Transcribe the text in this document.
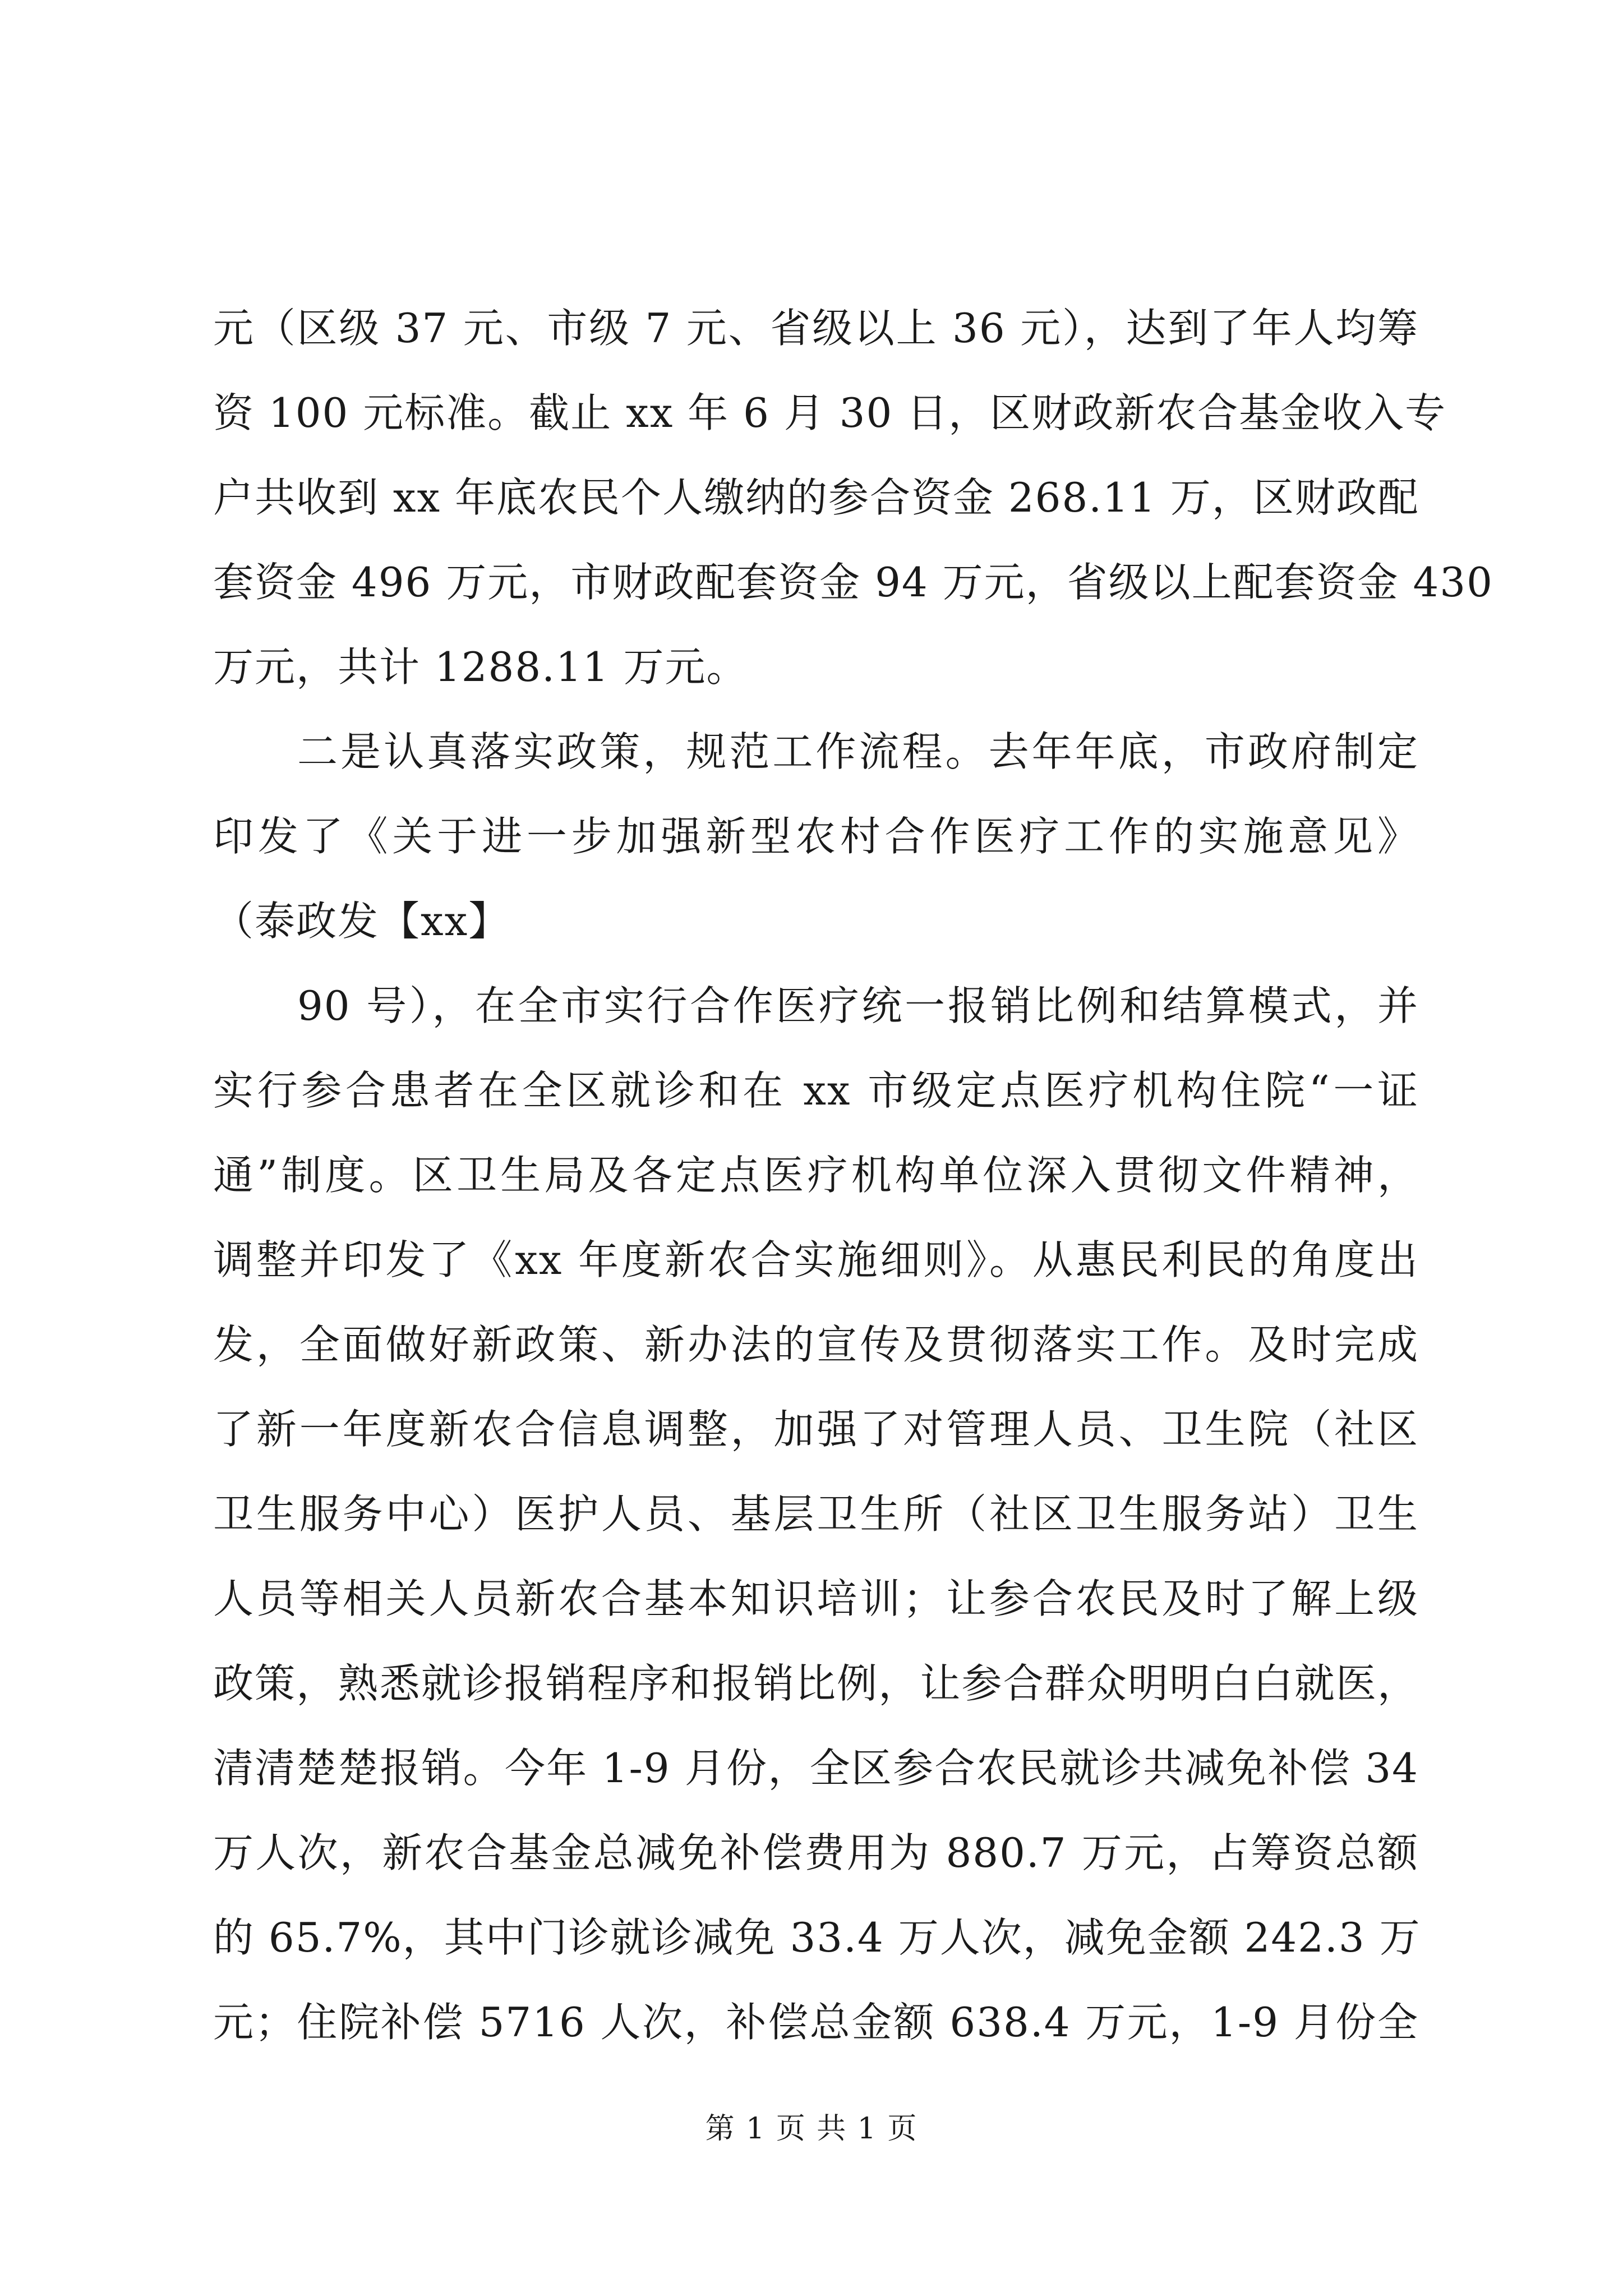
元（区级 37 元、市级 7 元、省级以上 36 元），达到了年人均筹
资 100 元标准。截止 xx 年 6 月 30 日，区财政新农合基金收入专
户共收到 xx 年底农民个人缴纳的参合资金 268.11 万，区财政配
套资金 496 万元，市财政配套资金 94 万元，省级以上配套资金 430
万元，共计 1288.11 万元。
二是认真落实政策，规范工作流程。去年年底，市政府制定
印发了《关于进一步加强新型农村合作医疗工作的实施意见》
（泰政发【xx】
90 号），在全市实行合作医疗统一报销比例和结算模式，并
实行参合患者在全区就诊和在 xx 市级定点医疗机构住院“一证
通”制度。区卫生局及各定点医疗机构单位深入贯彻文件精神，
调整并印发了《xx 年度新农合实施细则》。从惠民利民的角度出
发，全面做好新政策、新办法的宣传及贯彻落实工作。及时完成
了新一年度新农合信息调整，加强了对管理人员、卫生院（社区
卫生服务中心）医护人员、基层卫生所（社区卫生服务站）卫生
人员等相关人员新农合基本知识培训；让参合农民及时了解上级
政策，熟悉就诊报销程序和报销比例，让参合群众明明白白就医，
清清楚楚报销。今年 1-9 月份，全区参合农民就诊共减免补偿 34
万人次，新农合基金总减免补偿费用为 880.7 万元，占筹资总额
的 65.7%，其中门诊就诊减免 33.4 万人次，减免金额 242.3 万
元；住院补偿 5716 人次，补偿总金额 638.4 万元，1-9 月份全
第 1 页 共 1 页
